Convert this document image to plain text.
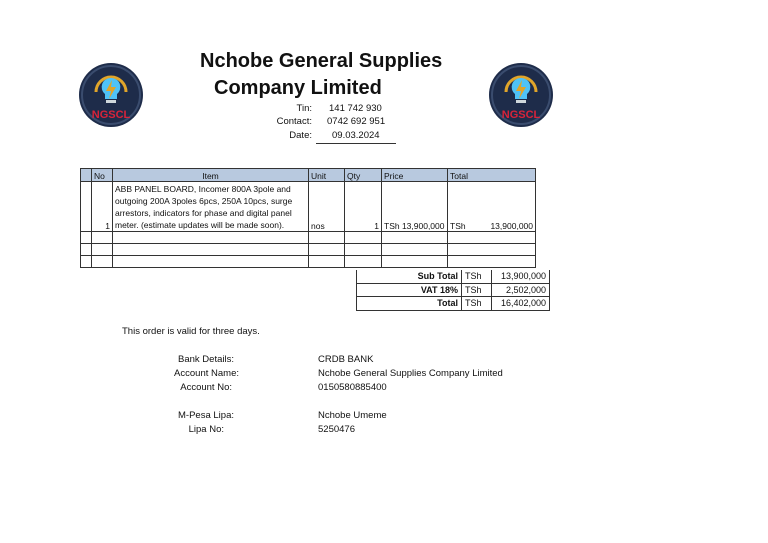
NGSCL	NGSCL
Nchobe General Supplies
Company Limited
Tin: 141 742 930
Contact: 0742 692 951
Date: 09.03.2024
	No	Item	Unit	Qty	Price	Total
	1	ABB PANEL BOARD, Incomer 800A 3pole and outgoing 200A 3poles 6pcs, 250A 10pcs, surge arrestors, indicators for phase and digital panel meter. (estimate updates will be made soon).	nos	1	TSh 13,900,000	TSh 13,900,000

Sub Total	TSh	13,900,000
VAT 18%	TSh	2,502,000
Total	TSh	16,402,000
This order is valid for three days.
Bank Details:	CRDB BANK
Account Name:	Nchobe General Supplies Company Limited
Account No:	0150580885400
M-Pesa Lipa:	Nchobe Umeme
Lipa No:	5250476
